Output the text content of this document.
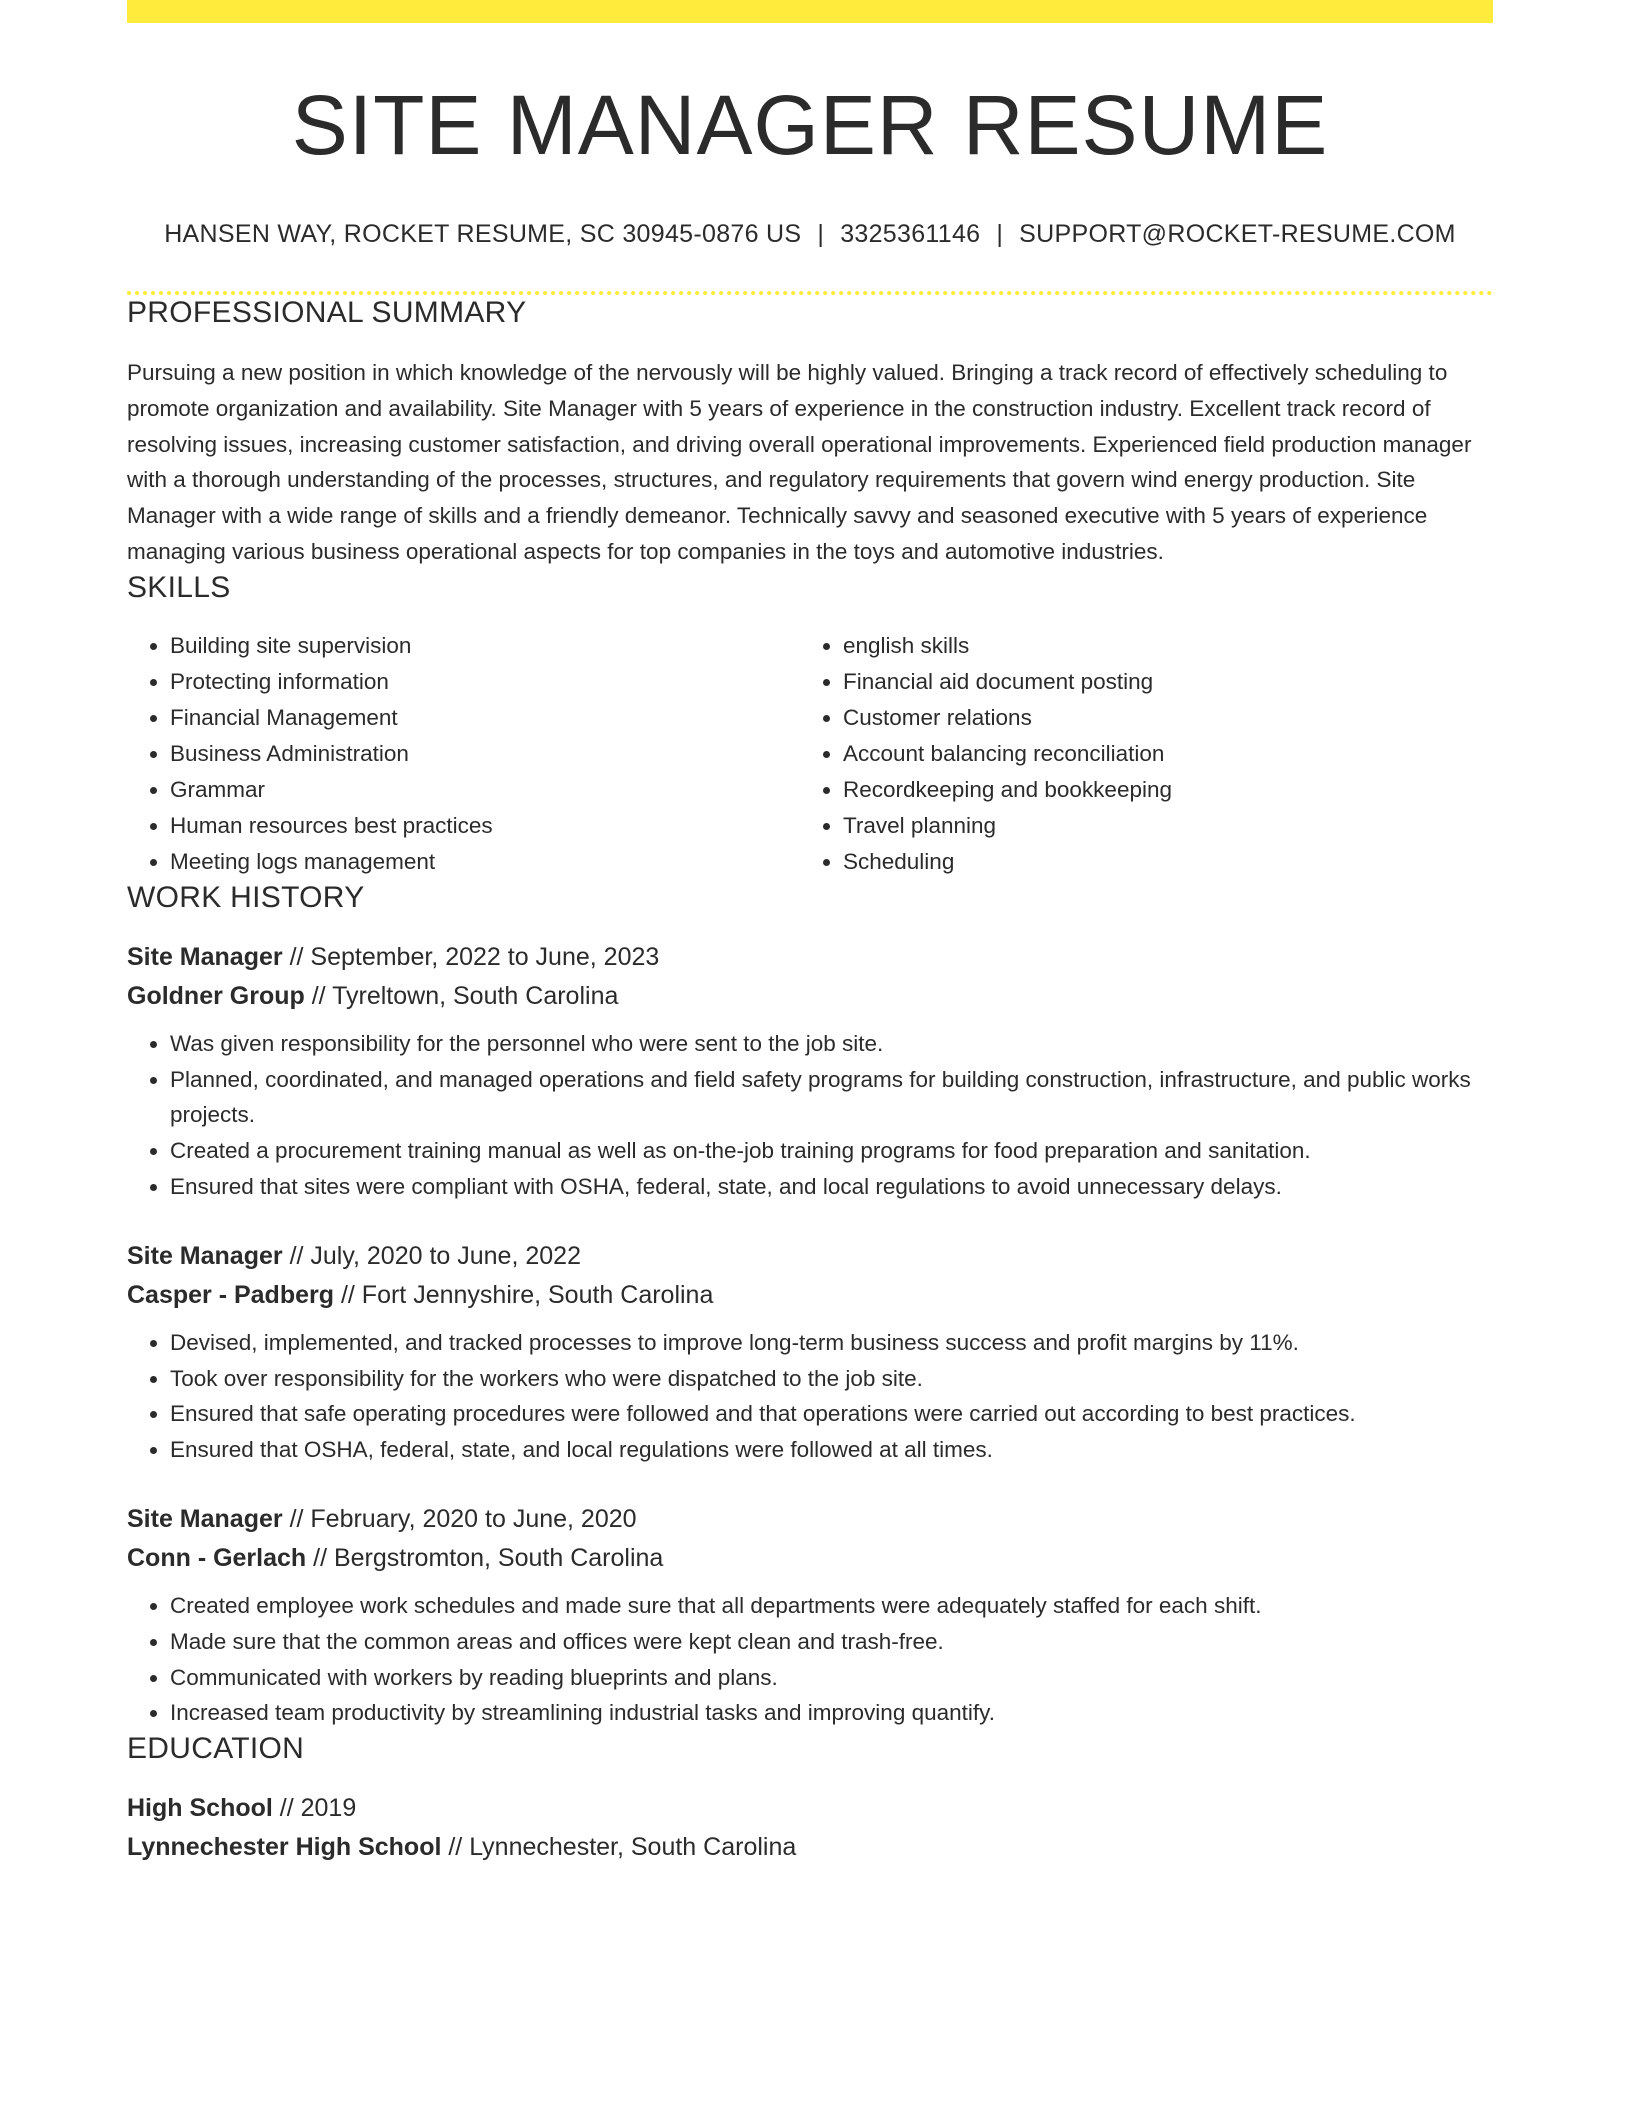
SITE MANAGER RESUME
HANSEN WAY, ROCKET RESUME, SC 30945-0876 US | 3325361146 | SUPPORT@ROCKET-RESUME.COM
PROFESSIONAL SUMMARY

Pursuing a new position in which knowledge of the nervously will be highly valued. Bringing a track record of effectively scheduling to promote organization and availability. Site Manager with 5 years of experience in the construction industry. Excellent track record of resolving issues, increasing customer satisfaction, and driving overall operational improvements. Experienced field production manager with a thorough understanding of the processes, structures, and regulatory requirements that govern wind energy production. Site Manager with a wide range of skills and a friendly demeanor. Technically savvy and seasoned executive with 5 years of experience managing various business operational aspects for top companies in the toys and automotive industries.

SKILLS
• Building site supervision
• Protecting information
• Financial Management
• Business Administration
• Grammar
• Human resources best practices
• Meeting logs management
• english skills
• Financial aid document posting
• Customer relations
• Account balancing reconciliation
• Recordkeeping and bookkeeping
• Travel planning
• Scheduling
WORK HISTORY
Site Manager // September, 2022 to June, 2023
Goldner Group // Tyreltown, South Carolina
• Was given responsibility for the personnel who were sent to the job site.
• Planned, coordinated, and managed operations and field safety programs for building construction, infrastructure, and public works projects.
• Created a procurement training manual as well as on-the-job training programs for food preparation and sanitation.
• Ensured that sites were compliant with OSHA, federal, state, and local regulations to avoid unnecessary delays.
Site Manager // July, 2020 to June, 2022
Casper - Padberg // Fort Jennyshire, South Carolina
• Devised, implemented, and tracked processes to improve long-term business success and profit margins by 11%.
• Took over responsibility for the workers who were dispatched to the job site.
• Ensured that safe operating procedures were followed and that operations were carried out according to best practices.
• Ensured that OSHA, federal, state, and local regulations were followed at all times.
Site Manager // February, 2020 to June, 2020
Conn - Gerlach // Bergstromton, South Carolina
• Created employee work schedules and made sure that all departments were adequately staffed for each shift.
• Made sure that the common areas and offices were kept clean and trash-free.
• Communicated with workers by reading blueprints and plans.
• Increased team productivity by streamlining industrial tasks and improving quantify.
EDUCATION
High School // 2019
Lynnechester High School // Lynnechester, South Carolina
